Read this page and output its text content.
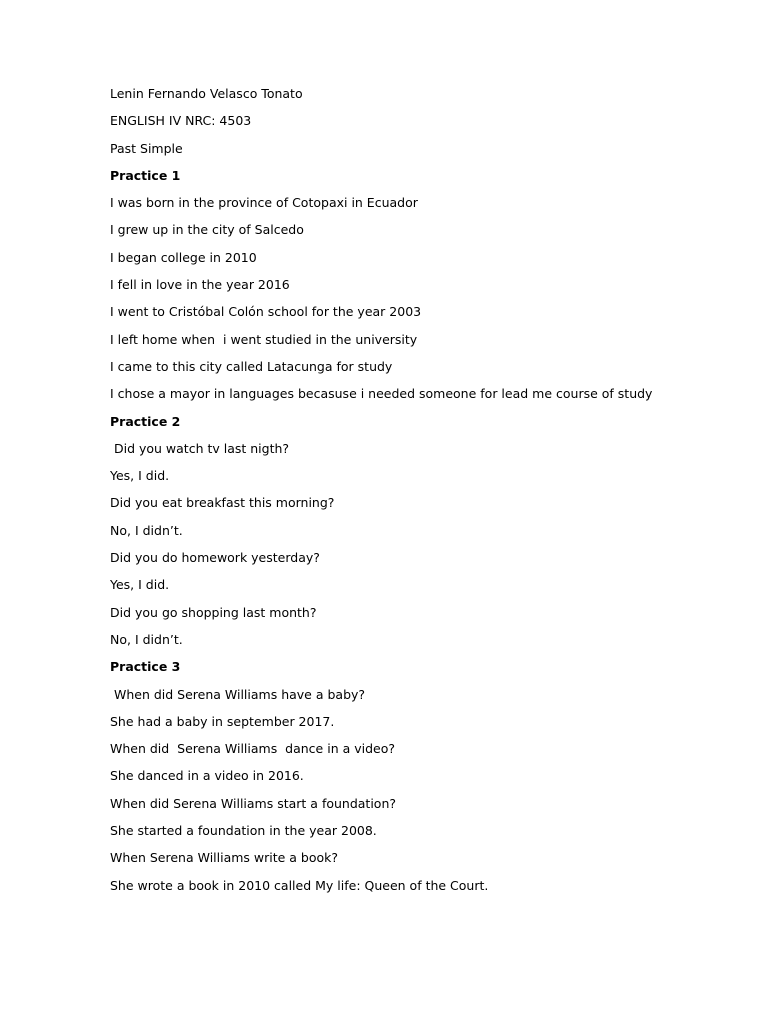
Lenin Fernando Velasco Tonato
ENGLISH IV NRC: 4503
Past Simple
Practice 1
I was born in the province of Cotopaxi in Ecuador
I grew up in the city of Salcedo
I began college in 2010
I fell in love in the year 2016
I went to Cristóbal Colón school for the year 2003
I left home when  i went studied in the university
I came to this city called Latacunga for study
I chose a mayor in languages becasuse i needed someone for lead me course of study
Practice 2
Did you watch tv last nigth?
Yes, I did.
Did you eat breakfast this morning?
No, I didn’t.
Did you do homework yesterday?
Yes, I did.
Did you go shopping last month?
No, I didn’t.
Practice 3
When did Serena Williams have a baby?
She had a baby in september 2017.
When did  Serena Williams  dance in a video?
She danced in a video in 2016.
When did Serena Williams start a foundation?
She started a foundation in the year 2008.
When Serena Williams write a book?
She wrote a book in 2010 called My life: Queen of the Court.
